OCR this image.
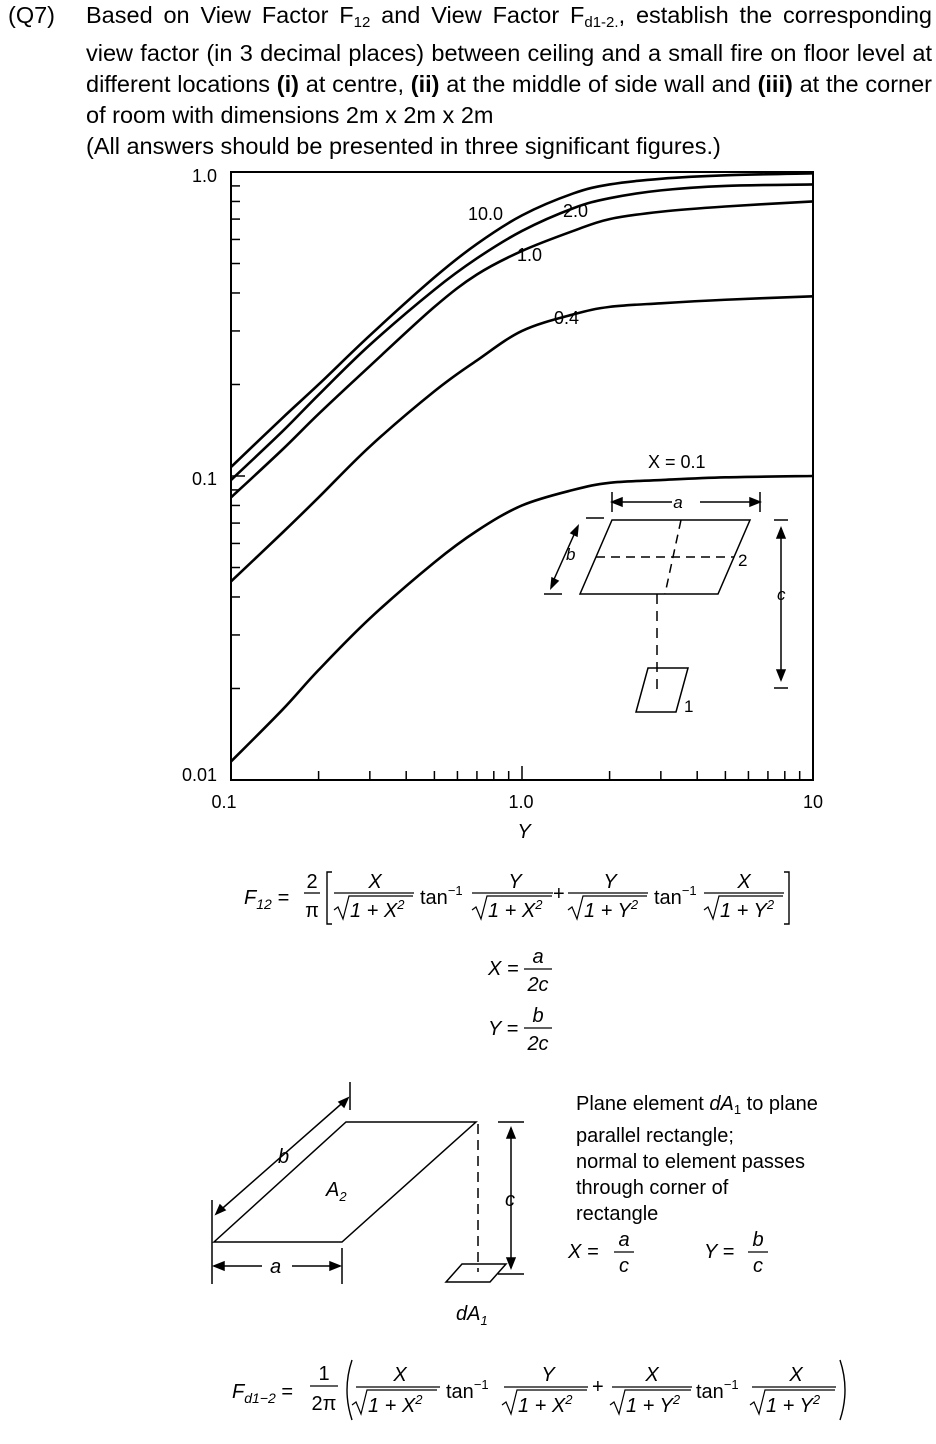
(Q7) Based on View Factor $F_{12}$ and View Factor $F_{d1-2.}$, establish the corresponding view factor (in 3 decimal places) between ceiling and a small fire on floor level at different locations (i) at centre, (ii) at the middle of side wall and (iii) at the corner of room with dimensions 2m x 2m x 2m
(All answers should be presented in three significant figures.)
1.0
0.1
0.01
0.1	1.0	10
Y
10.0	2.0
1.0
0.4
X = 0.1
a
b	2
c
1
$F_{12}$ =
2
π
X
$1 + X^2$ $\tan^{-1} Y$
$1 + X^2$ +
Y
$1 + Y^2$ $\tan^{-1} X$
$1 + Y^2$
X =
a
2c
Y =
b
2c
b
a
c
$A_2$
$dA_1$
X =
a
c
Y =
b
c
$F_{d1-2}$ =
1
2π
X
$1 + X^2$ $\tan^{-1}$	Y
$1 + X^2$
+
X
$1 + Y^2$ $\tan^{-1}$	X
$1 + Y^2$
Plane element $dA_1$ to plane
parallel rectangle;
normal to element passes
through corner of
rectangle
